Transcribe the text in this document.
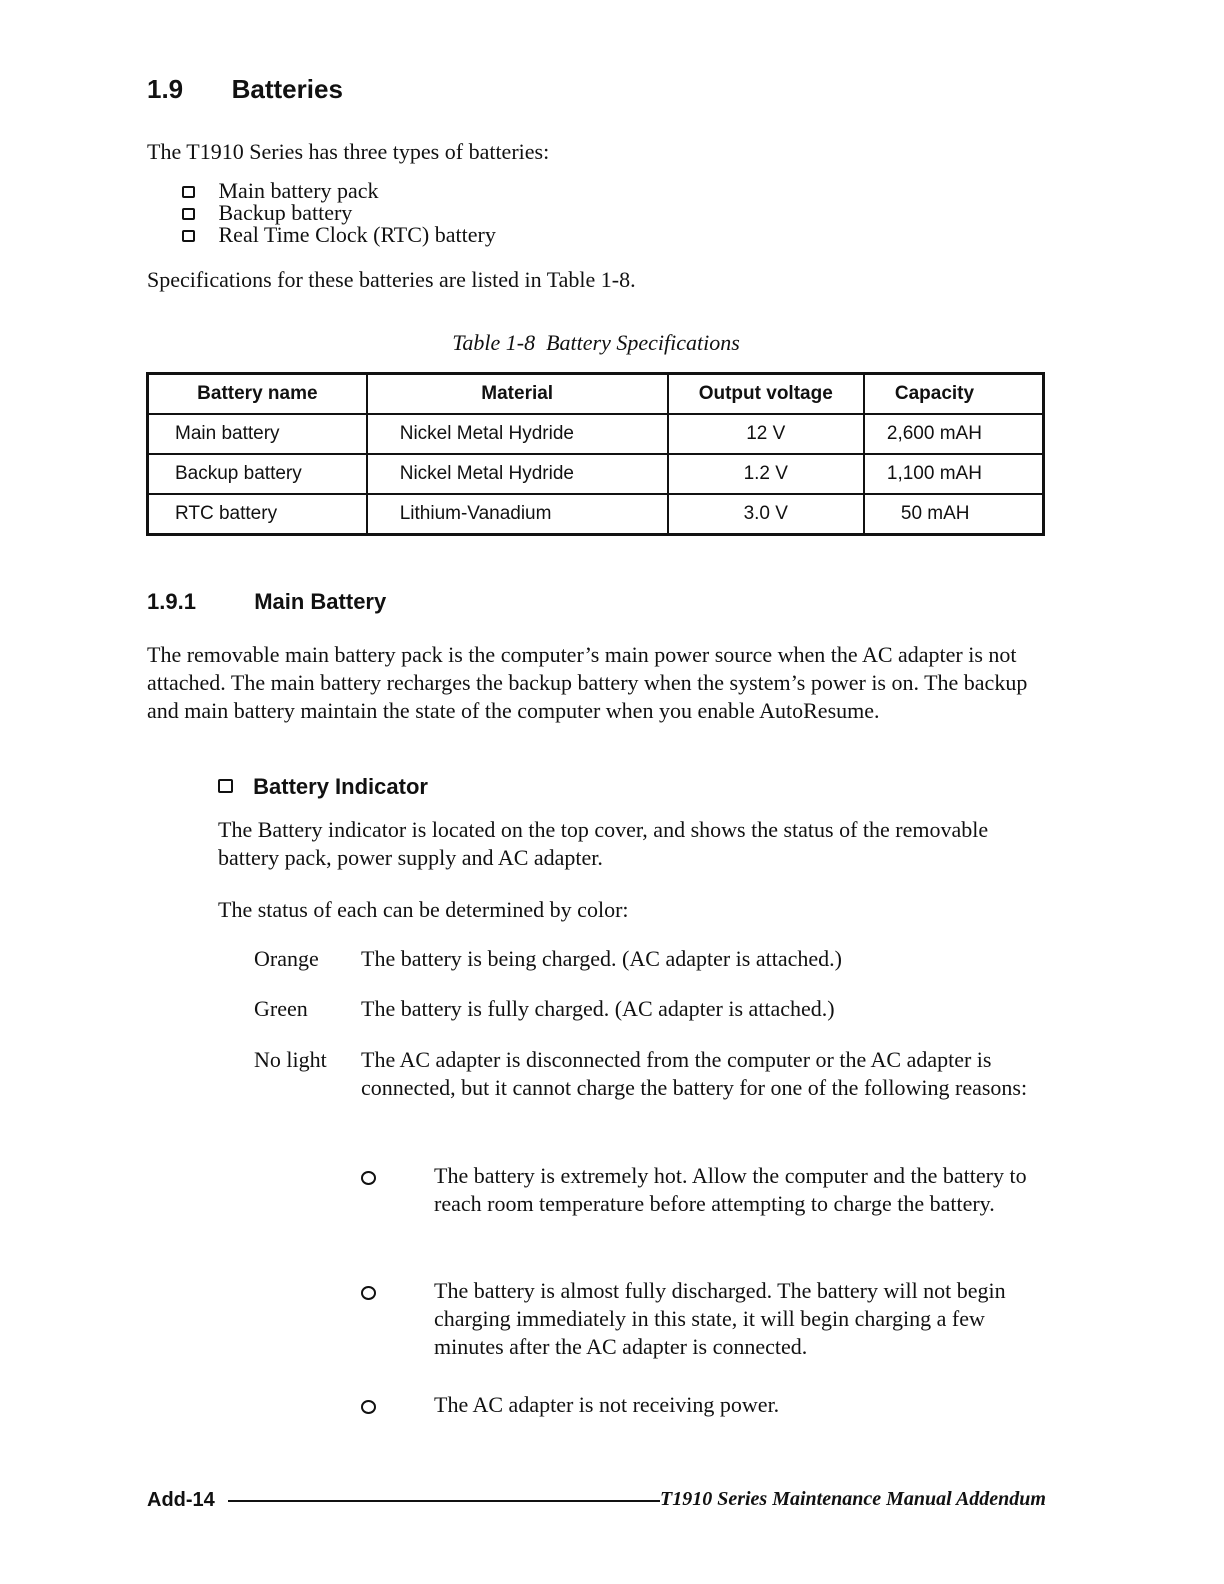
1.9 Batteries
The T1910 Series has three types of batteries:
Main battery pack
Backup battery
Real Time Clock (RTC) battery
Specifications for these batteries are listed in Table 1-8.
Table 1-8  Battery Specifications
Battery name	Material	Output voltage	Capacity
Main battery	Nickel Metal Hydride	12 V	2,600 mAH
Backup battery	Nickel Metal Hydride	1.2 V	1,100 mAH
RTC battery	Lithium-Vanadium	3.0 V	50 mAH
1.9.1	Main Battery
The removable main battery pack is the computer’s main power source when the AC adapter is not attached. The main battery recharges the backup battery when the system’s power is on. The backup and main battery maintain the state of the computer when you enable AutoResume.
Battery Indicator
The Battery indicator is located on the top cover, and shows the status of the removable battery pack, power supply and AC adapter.
The status of each can be determined by color:
Orange	The battery is being charged. (AC adapter is attached.)
Green	The battery is fully charged. (AC adapter is attached.)
No light	The AC adapter is disconnected from the computer or the AC adapter is connected, but it cannot charge the battery for one of the following reasons:
The battery is extremely hot. Allow the computer and the battery to reach room temperature before attempting to charge the battery.
The battery is almost fully discharged. The battery will not begin charging immediately in this state, it will begin charging a few minutes after the AC adapter is connected.
The AC adapter is not receiving power.
Add-14	T1910 Series Maintenance Manual Addendum
